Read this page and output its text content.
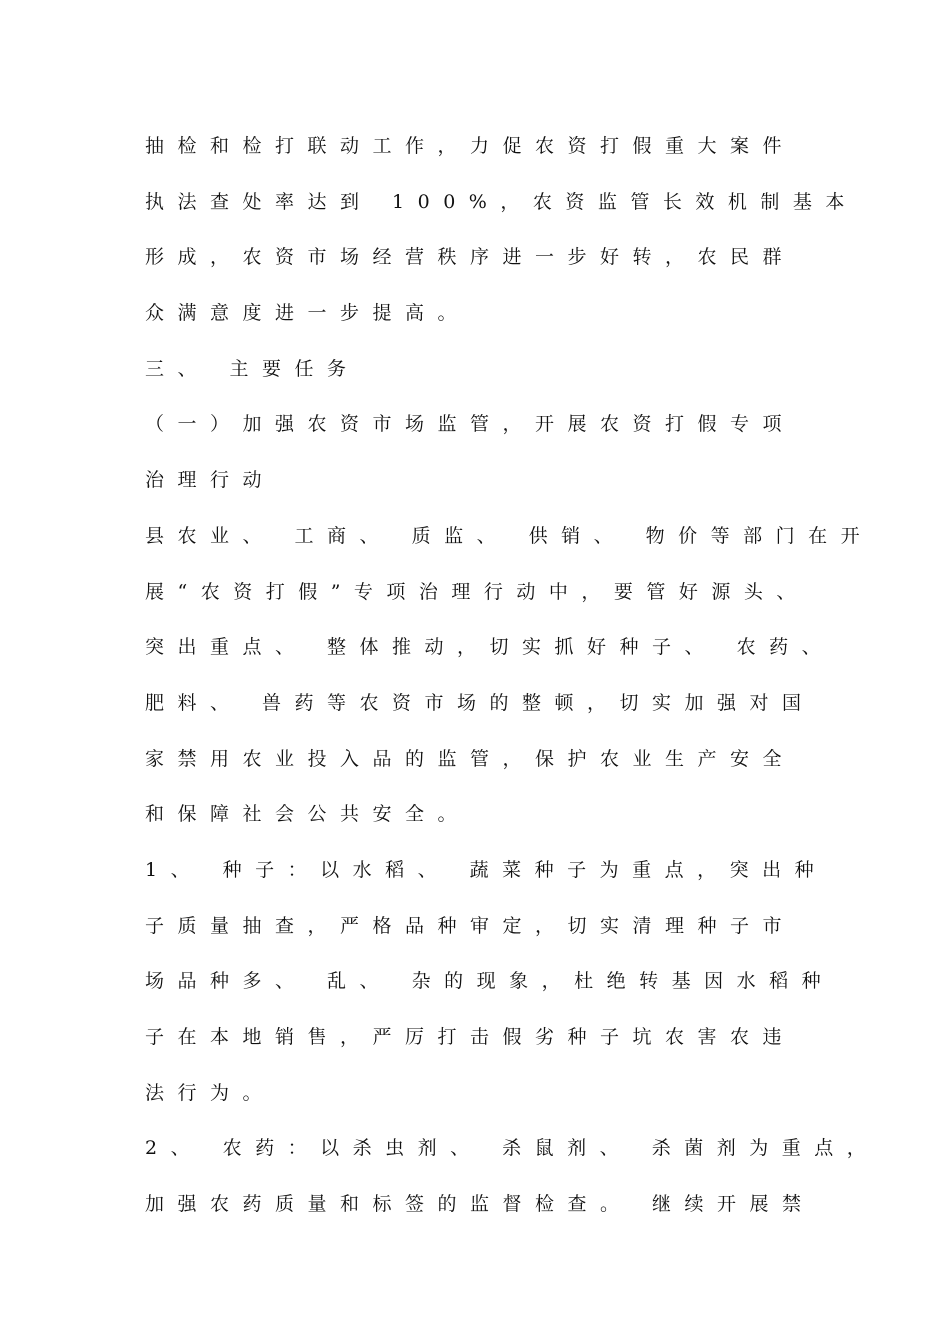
抽检和检打联动工作，力促农资打假重大案件
执法查处率达到 100%，农资监管长效机制基本
形成，农资市场经营秩序进一步好转，农民群
众满意度进一步提高。
三、 主要任务
（一）加强农资市场监管，开展农资打假专项
治理行动
县农业、 工商、 质监、 供销、 物价等部门在开
展“农资打假”专项治理行动中，要管好源头、
突出重点、 整体推动，切实抓好种子、 农药、
肥料、 兽药等农资市场的整顿，切实加强对国
家禁用农业投入品的监管，保护农业生产安全
和保障社会公共安全。
1、 种子：以水稻、 蔬菜种子为重点，突出种
子质量抽查，严格品种审定，切实清理种子市
场品种多、 乱、 杂的现象，杜绝转基因水稻种
子在本地销售，严厉打击假劣种子坑农害农违
法行为。
2、 农药：以杀虫剂、 杀鼠剂、 杀菌剂为重点，
加强农药质量和标签的监督检查。 继续开展禁
